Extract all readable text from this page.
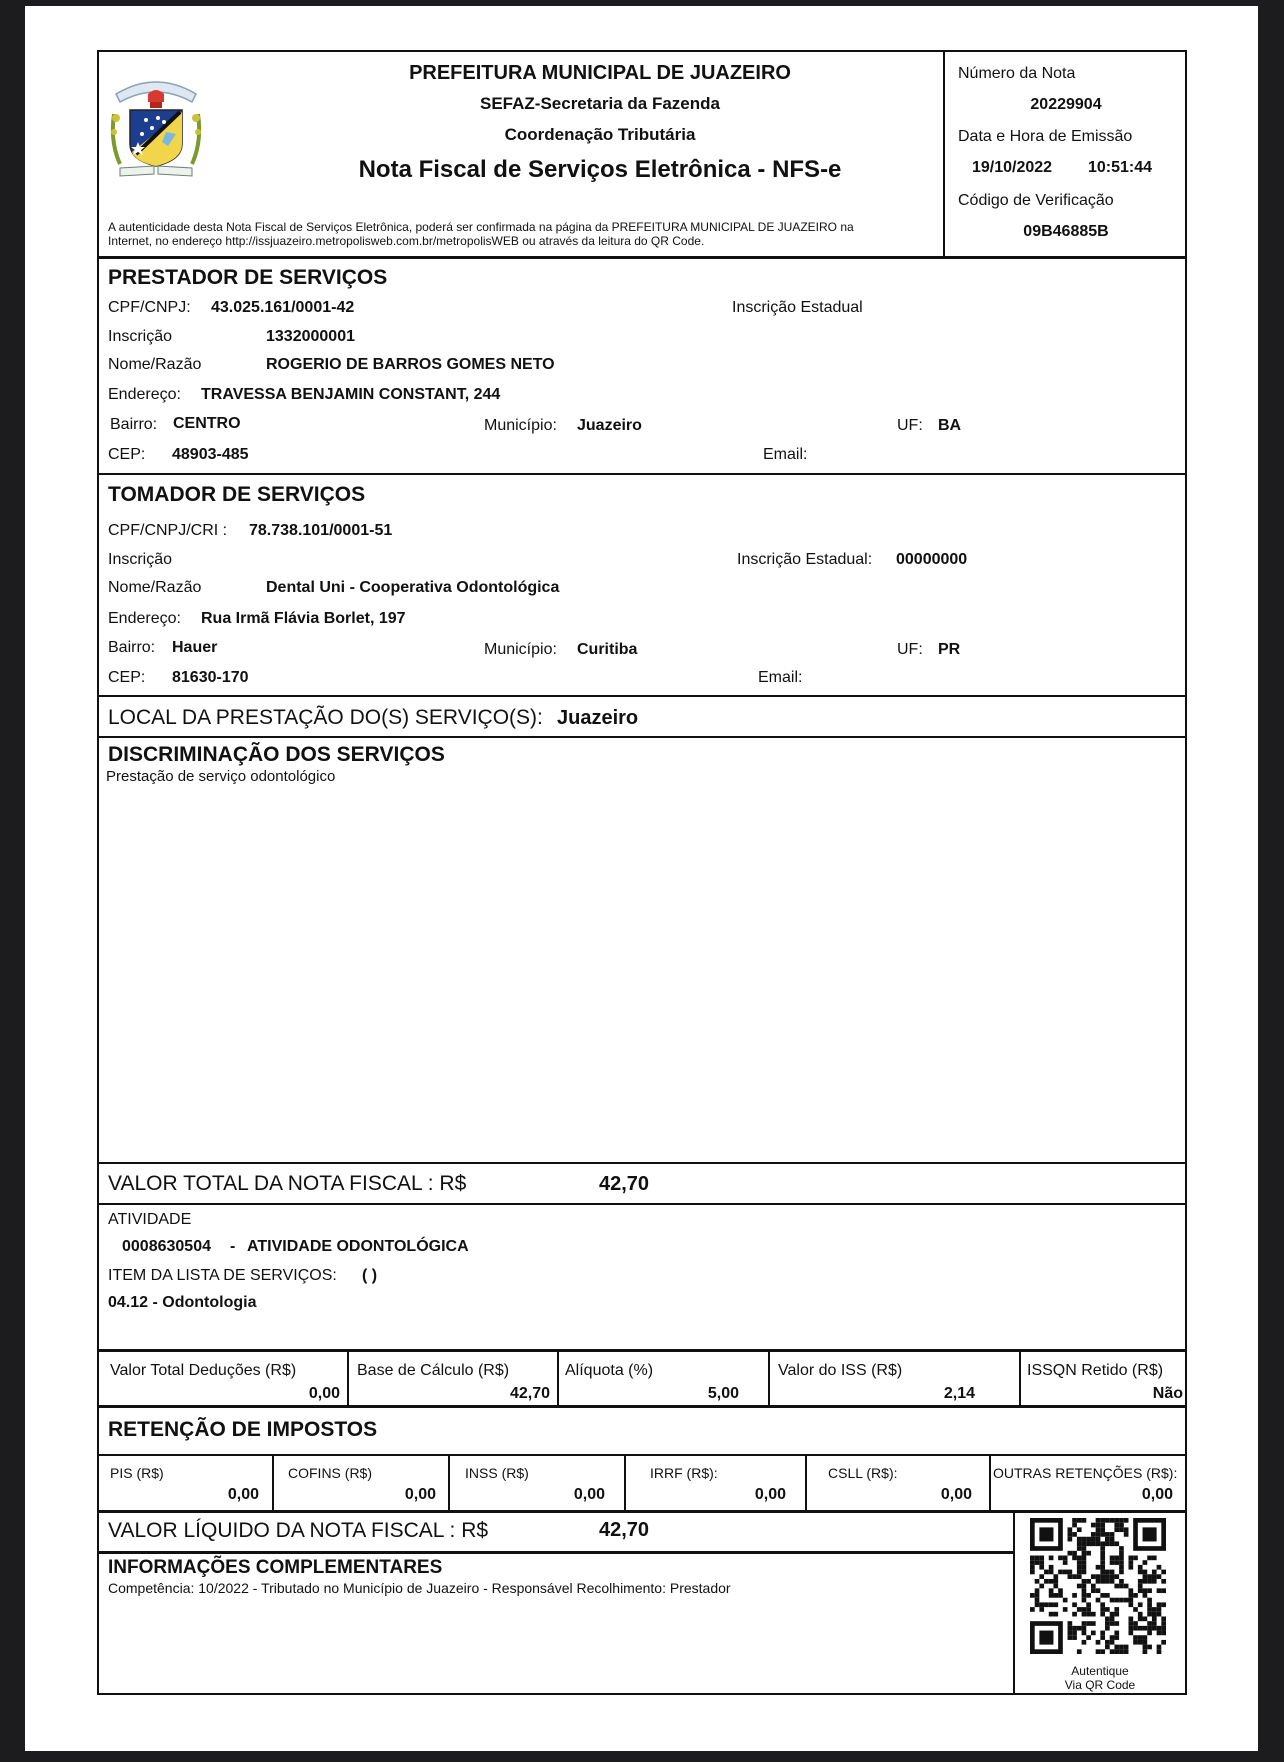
PREFEITURA MUNICIPAL DE JUAZEIRO
SEFAZ-Secretaria da Fazenda
Coordenação Tributária
Nota Fiscal de Serviços Eletrônica - NFS-e
A autenticidade desta Nota Fiscal de Serviços Eletrônica, poderá ser confirmada na página da PREFEITURA MUNICIPAL DE JUAZEIRO na
Internet, no endereço http://issjuazeiro.metropolisweb.com.br/metropolisWEB ou através da leitura do QR Code.
Número da Nota
20229904
Data e Hora de Emissão
19/10/2022 10:51:44
Código de Verificação
09B46885B
PRESTADOR DE SERVIÇOS
CPF/CNPJ: 43.025.161/0001-42	Inscrição Estadual
Inscrição	1332000001
Nome/Razão	ROGERIO DE BARROS GOMES NETO
Endereço: TRAVESSA BENJAMIN CONSTANT, 244
Bairro: CENTRO	Município: Juazeiro	UF: BA
CEP: 48903-485	Email:
TOMADOR DE SERVIÇOS
CPF/CNPJ/CRI : 78.738.101/0001-51
Inscrição	Inscrição Estadual: 00000000
Nome/Razão	Dental Uni - Cooperativa Odontológica
Endereço: Rua Irmã Flávia Borlet, 197
Bairro: Hauer	Município: Curitiba	UF: PR
CEP: 81630-170	Email:
LOCAL DA PRESTAÇÃO DO(S) SERVIÇO(S): Juazeiro
DISCRIMINAÇÃO DOS SERVIÇOS
Prestação de serviço odontológico
VALOR TOTAL DA NOTA FISCAL : R$	42,70
ATIVIDADE
0008630504 - ATIVIDADE ODONTOLÓGICA
ITEM DA LISTA DE SERVIÇOS: ( )
04.12 - Odontologia
Valor Total Deduções (R$)
0,00
Base de Cálculo (R$)
42,70
Alíquota (%)
5,00
Valor do ISS (R$)
2,14
ISSQN Retido (R$)
Não
RETENÇÃO DE IMPOSTOS
PIS (R$)
0,00
COFINS (R$)
0,00
INSS (R$)
0,00
IRRF (R$):
0,00
CSLL (R$):
0,00
OUTRAS RETENÇÕES (R$):
0,00
VALOR LÍQUIDO DA NOTA FISCAL : R$	42,70
INFORMAÇÕES COMPLEMENTARES
Competência: 10/2022 - Tributado no Município de Juazeiro - Responsável Recolhimento: Prestador
Autentique
Via QR Code
